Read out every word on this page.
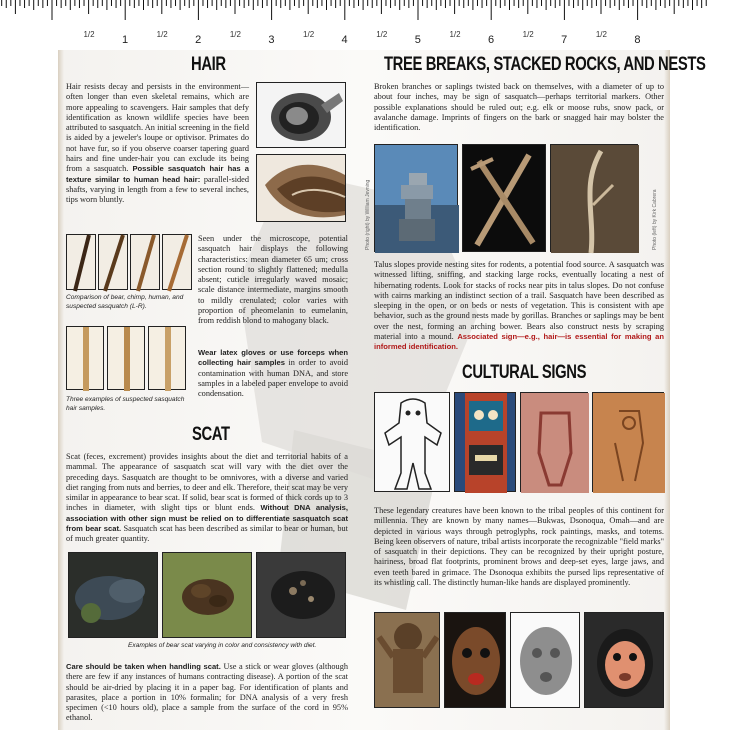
1	2	3	4	5	6	7	8
1/2	1/2	1/2	1/2	1/2	1/2	1/2	1/2
HAIR
Hair resists decay and persists in the environment—often longer than even skeletal remains, which are more appealing to scavengers. Hair samples that defy identification as known wildlife species have been attributed to sasquatch. An initial screening in the field is aided by a jeweler's loupe or optivisor. Primates do not have fur, so if you observe coarser tapering guard hairs and fine under-hair you can exclude its being from a sasquatch. Possible sasquatch hair has a texture similar to human head hair: parallel-sided shafts, varying in length from a few to several inches, tips worn bluntly.
Comparison of bear, chimp, human, and suspected sasquatch (L-R).
Three examples of suspected sasquatch hair samples.
Seen under the microscope, potential sasquatch hair displays the following characteristics: mean diameter 65 um; cross section round to slightly flattened; medulla absent; cuticle irregularly waved mosaic; scale distance intermediate, margins smooth to mildly crenulated; color varies with proportion of pheomelanin to eumelanin, from reddish blond to mahogany black.
Wear latex gloves or use forceps when collecting hair samples in order to avoid contamination with human DNA, and store samples in a labeled paper envelope to avoid condensation.
SCAT
Scat (feces, excrement) provides insights about the diet and territorial habits of a mammal. The appearance of sasquatch scat will vary with the diet over the preceding days. Sasquatch are thought to be omnivores, with a diverse and varied diet ranging from nuts and berries, to deer and elk. Therefore, their scat may be very similar in appearance to bear scat. If solid, bear scat is formed of thick cords up to 3 inches in diameter, with slight tips or blunt ends. Without DNA analysis, association with other sign must be relied on to differentiate sasquatch scat from bear scat. Sasquatch scat has been described as similar to bear or human, but of much greater quantity.
Examples of bear scat varying in color and consistency with diet.
Care should be taken when handling scat. Use a stick or wear gloves (although there are few if any instances of humans contracting disease). A portion of the scat should be air-dried by placing it in a paper bag. For identification of plants and parasites, place a portion in 10% formalin; for DNA analysis of a very fresh specimen (<10 hours old), place a sample from the surface of the cord in 95% ethanol.
TREE BREAKS, STACKED ROCKS, AND NESTS
Broken branches or saplings twisted back on themselves, with a diameter of up to about four inches, may be sign of sasquatch—perhaps territorial markers. Other possible explanations should be ruled out; e.g. elk or moose rubs, snow pack, or avalanche damage. Imprints of fingers on the bark or snagged hair may bolster the identification.
Photo (right) by William Jevning	Photo (left) by Kirk Cabrera
Talus slopes provide nesting sites for rodents, a potential food source. A sasquatch was witnessed lifting, sniffing, and stacking large rocks, eventually locating a nest of hibernating rodents. Look for stacks of rocks near pits in talus slopes. Do not confuse with cairns marking an indistinct section of a trail. Sasquatch have been described as sleeping in the open, or on beds or nests of vegetation. This is consistent with ape behavior, such as the ground nests made by gorillas. Branches or saplings may be bent over the nest, forming an arching bower. Bears also construct nests by scraping material into a mound. Associated sign—e.g., hair—is essential for making an informed identification.
CULTURAL SIGNS
These legendary creatures have been known to the tribal peoples of this continent for millennia. They are known by many names—Bukwas, Dsonoqua, Omah—and are depicted in various ways through petroglyphs, rock paintings, masks, and totems. Being keen observers of nature, tribal artists incorporate the recognizable "field marks" of sasquatch in their depictions. They can be recognized by their upright posture, hairiness, broad flat footprints, prominent brows and deep-set eyes, large jaws, and even teeth bared in grimace. The Dsonoqua exhibits the pursed lips representative of its whistling call. The distinctly human-like hands are displayed prominently.
